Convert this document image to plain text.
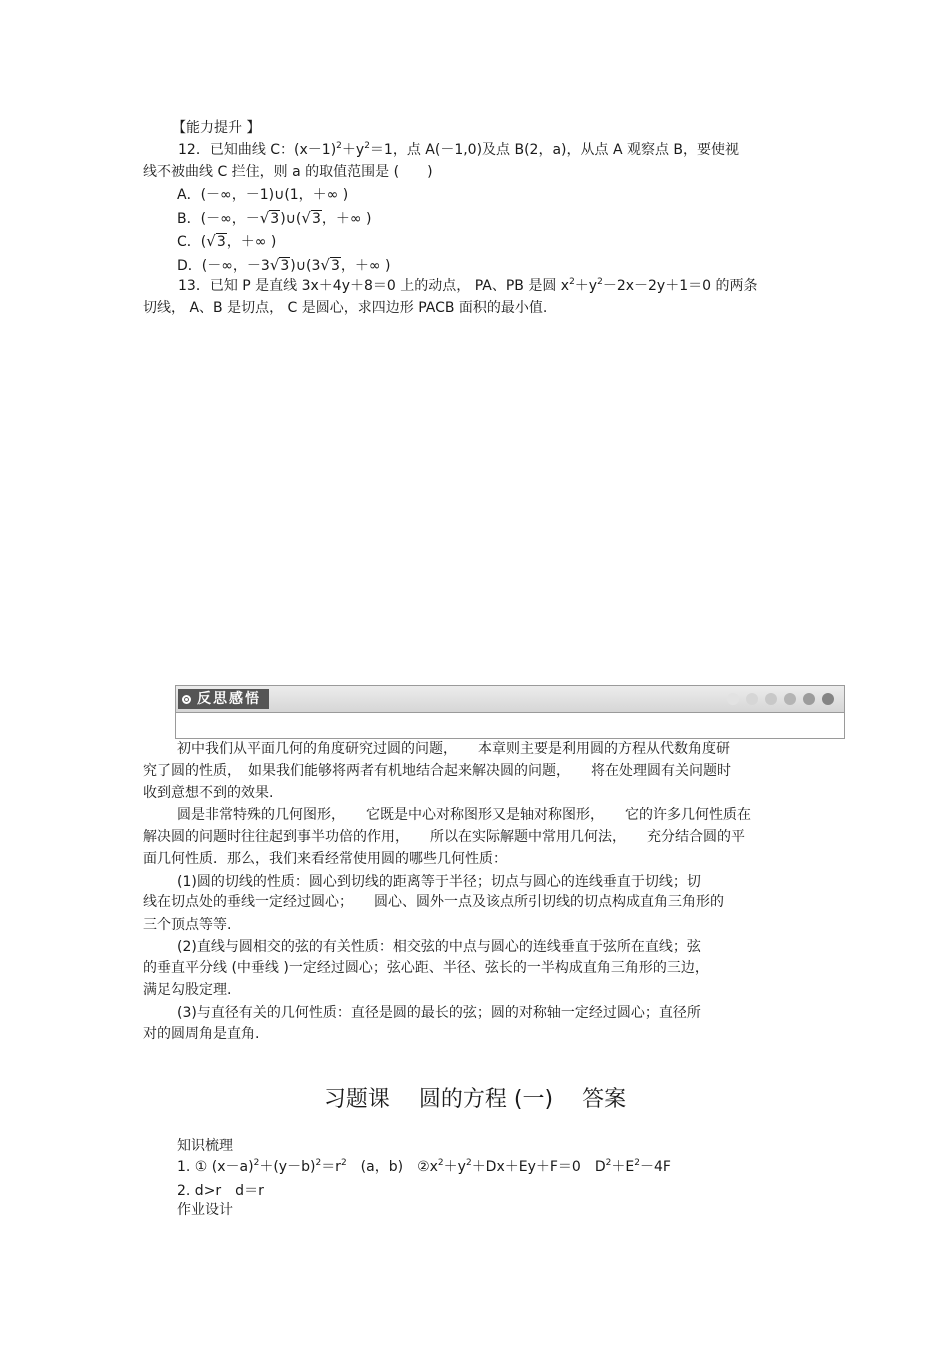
【能力提升 】
12．已知曲线 C：$(x-1)^2+y^2=1$，点 A(－1,0)及点 B(2，a)，从点 A 观察点 B，要使视
线不被曲线 C 拦住，则 a 的取值范围是 (　　)
A．(－∞，－1)∪(1，＋∞ )
B．(－∞，－√3)∪(√3，＋∞ )
C．(√3，＋∞ )
D．(－∞，－3√3)∪(3√3，＋∞ )
13．已知 P 是直线 3x＋4y＋8＝0 上的动点， PA、PB 是圆 $x^2+y^2-2x-2y+1=0$ 的两条
切线， A、B 是切点， C 是圆心，求四边形 PACB 面积的最小值.
反思感悟
初中我们从平面几何的角度研究过圆的问题，　　本章则主要是利用圆的方程从代数角度研
究了圆的性质，　如果我们能够将两者有机地结合起来解决圆的问题，　　将在处理圆有关问题时
收到意想不到的效果.
圆是非常特殊的几何图形，　　它既是中心对称图形又是轴对称图形，　　它的许多几何性质在
解决圆的问题时往往起到事半功倍的作用，　　所以在实际解题中常用几何法，　　充分结合圆的平
面几何性质．那么，我们来看经常使用圆的哪些几何性质：
(1)圆的切线的性质：圆心到切线的距离等于半径；切点与圆心的连线垂直于切线；切
线在切点处的垂线一定经过圆心；　　圆心、圆外一点及该点所引切线的切点构成直角三角形的
三个顶点等等.
(2)直线与圆相交的弦的有关性质：相交弦的中点与圆心的连线垂直于弦所在直线；弦
的垂直平分线 (中垂线 )一定经过圆心；弦心距、半径、弦长的一半构成直角三角形的三边，
满足勾股定理.
(3)与直径有关的几何性质：直径是圆的最长的弦；圆的对称轴一定经过圆心；直径所
对的圆周角是直角.
习题课　 圆的方程 (一)　 答案
知识梳理
1. ① $(x-a)^2+(y-b)^2=r^2$　(a，b)　$②x^2+y^2+Dx+Ey+F=0$　$D^2+E^2-4F$
2. d>r　d＝r
作业设计
